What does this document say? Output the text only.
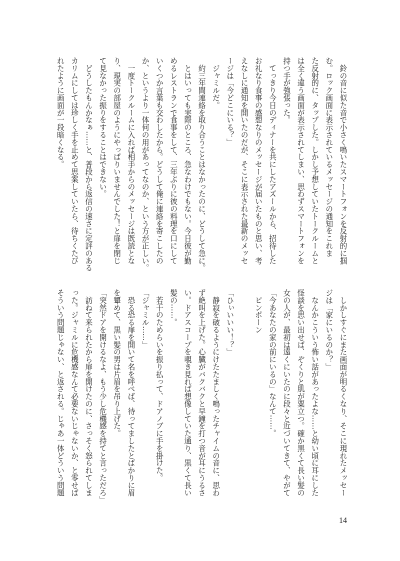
　鈴の音に似た音で小さく鳴いたスマートフォンを反射的に掴
む。ロック画面に表示されているメッセージの通知をこれま
た反射的に、タップした。しかし予想していたトークルームと
は全く違う画面が表示されてしまい、思わずスマートフォンを
持つ手が強張った。
　てっきり今日のディナーを共にしたアズールから、招待した
お礼なり食事の感想なりのメッセージが届いたものと思い、考
えなしに通知を開いたのだが、そこに表示された最新のメッセ
ージは「今どこにいる？」
　ジャミルだ。
　約三年間連絡を取り合うことはなかったのに、どうして急に。
　とはいっても実際のところ、急なわけでもない。今日彼が勤
めるレストランで食事をして、三年ぶりに彼の料理を口にして
いくつか言葉も交わしたから。どうして俺に連絡を寄こしたの
か、というより一体何の用があってなのか、という方が正しい。
　一度トークルームに入れば相手からのメッセージは既読とな
り、現実の部屋のようにやっぱりいませんでした！と扉を閉じ
て見なかった振りをすることはできない。
　どうしたもんかなぁ……と、普段から返信の速さに定評のある
カリムにしては珍しく手を止めて思案していたら、待ちくたび
れたように画面が一段暗くなる。
　しかしすぐにまた画面が明るくなり、そこに現れたメッセー
ジは「家にいるのか？」
　なんかこういう怖い話があったよな……と幼い頃に耳にした
怪談を思い出せば、ぞくりと肌が粟立つ。確か黒くて長い髪の
女の人が、最初は遠くにいたのに段々と近づいてきて、やがて
「今あなたの家の前にいるの」なんて……。
　ピンポーン
「ひぃいいい！？」
　静寂を破るようにけたたましく鳴ったチャイムの音に、思わ
ず絶叫を上げた。心臓がバクバクと早鐘を打つ音が耳にうるさ
い。ドアスコープを覗き見れば想像していた通り、黒くて長い
髪の……。
　若干のためらいを振り払って、ドアノブに手を掛けた。
「ジャミル……」
　恐る恐る扉を開いて名を呼べば、待ってましたとばかりに眉
を顰めて、黒い髪の男は片眉を吊り上げた。
「突然ドアを開けるなよ、もう少し危機感を持てと言っただろ」
　訪ねて来られたから扉を開けたのに、さっそく怒られてしま
った。ジャミルに危機感なんて必要ないじゃないか、と零せば
そういう問題じゃない、と返される。じゃあ一体どういう問題
14
